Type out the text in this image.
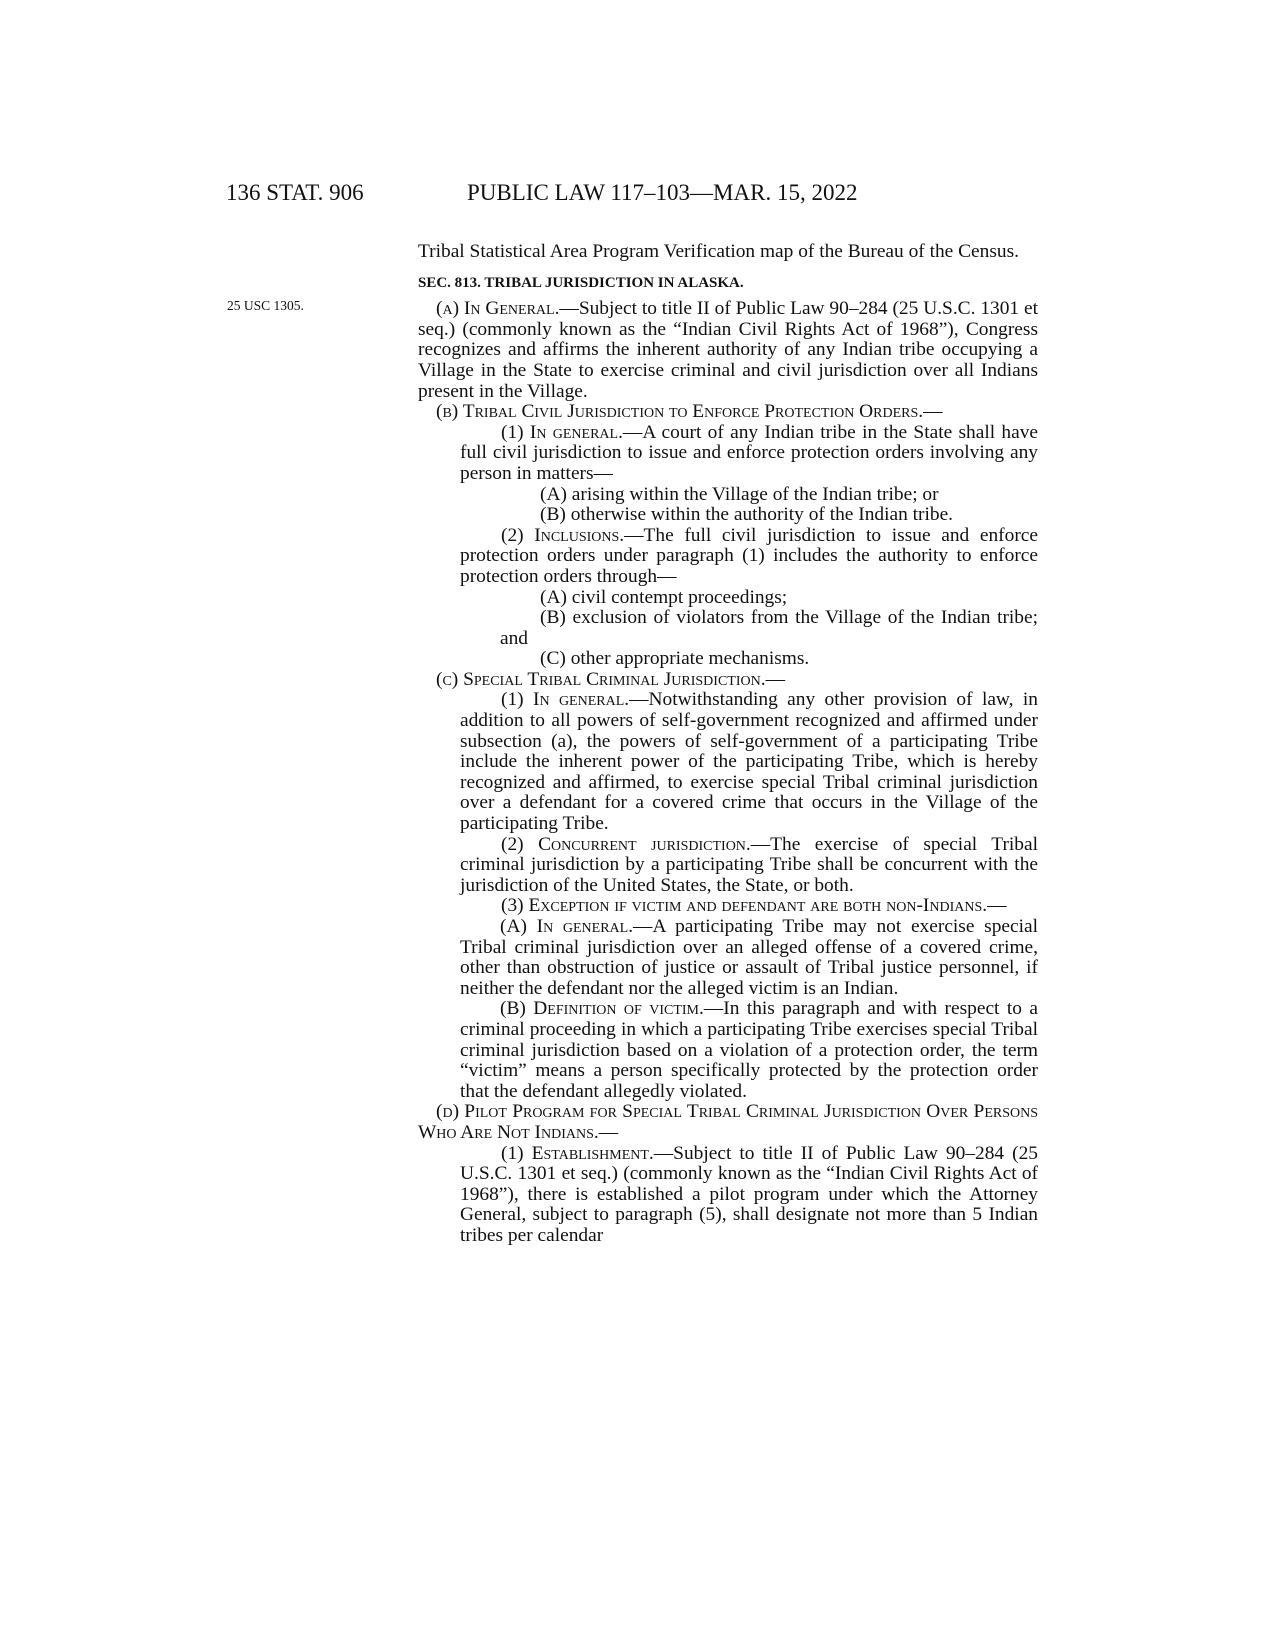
136 STAT. 906	PUBLIC LAW 117–103—MAR. 15, 2022
25 USC 1305.

Tribal Statistical Area Program Verification map of the Bureau of the Census.

SEC. 813. TRIBAL JURISDICTION IN ALASKA.

(a) In General.—Subject to title II of Public Law 90–284 (25 U.S.C. 1301 et seq.) (commonly known as the “Indian Civil Rights Act of 1968”), Congress recognizes and affirms the inherent authority of any Indian tribe occupying a Village in the State to exercise criminal and civil jurisdiction over all Indians present in the Village.

(b) Tribal Civil Jurisdiction to Enforce Protection Orders.—

(1) In general.—A court of any Indian tribe in the State shall have full civil jurisdiction to issue and enforce protection orders involving any person in matters—

(A) arising within the Village of the Indian tribe; or

(B) otherwise within the authority of the Indian tribe.

(2) Inclusions.—The full civil jurisdiction to issue and enforce protection orders under paragraph (1) includes the authority to enforce protection orders through—

(A) civil contempt proceedings;

(B) exclusion of violators from the Village of the Indian tribe; and

(C) other appropriate mechanisms.

(c) Special Tribal Criminal Jurisdiction.—

(1) In general.—Notwithstanding any other provision of law, in addition to all powers of self-government recognized and affirmed under subsection (a), the powers of self-government of a participating Tribe include the inherent power of the participating Tribe, which is hereby recognized and affirmed, to exercise special Tribal criminal jurisdiction over a defendant for a covered crime that occurs in the Village of the participating Tribe.

(2) Concurrent jurisdiction.—The exercise of special Tribal criminal jurisdiction by a participating Tribe shall be concurrent with the jurisdiction of the United States, the State, or both.

(3) Exception if victim and defendant are both non-Indians.—

(A) In general.—A participating Tribe may not exercise special Tribal criminal jurisdiction over an alleged offense of a covered crime, other than obstruction of justice or assault of Tribal justice personnel, if neither the defendant nor the alleged victim is an Indian.

(B) Definition of victim.—In this paragraph and with respect to a criminal proceeding in which a participating Tribe exercises special Tribal criminal jurisdiction based on a violation of a protection order, the term “victim” means a person specifically protected by the protection order that the defendant allegedly violated.

(d) Pilot Program for Special Tribal Criminal Jurisdiction Over Persons Who Are Not Indians.—

(1) Establishment.—Subject to title II of Public Law 90–284 (25 U.S.C. 1301 et seq.) (commonly known as the “Indian Civil Rights Act of 1968”), there is established a pilot program under which the Attorney General, subject to paragraph (5), shall designate not more than 5 Indian tribes per calendar
